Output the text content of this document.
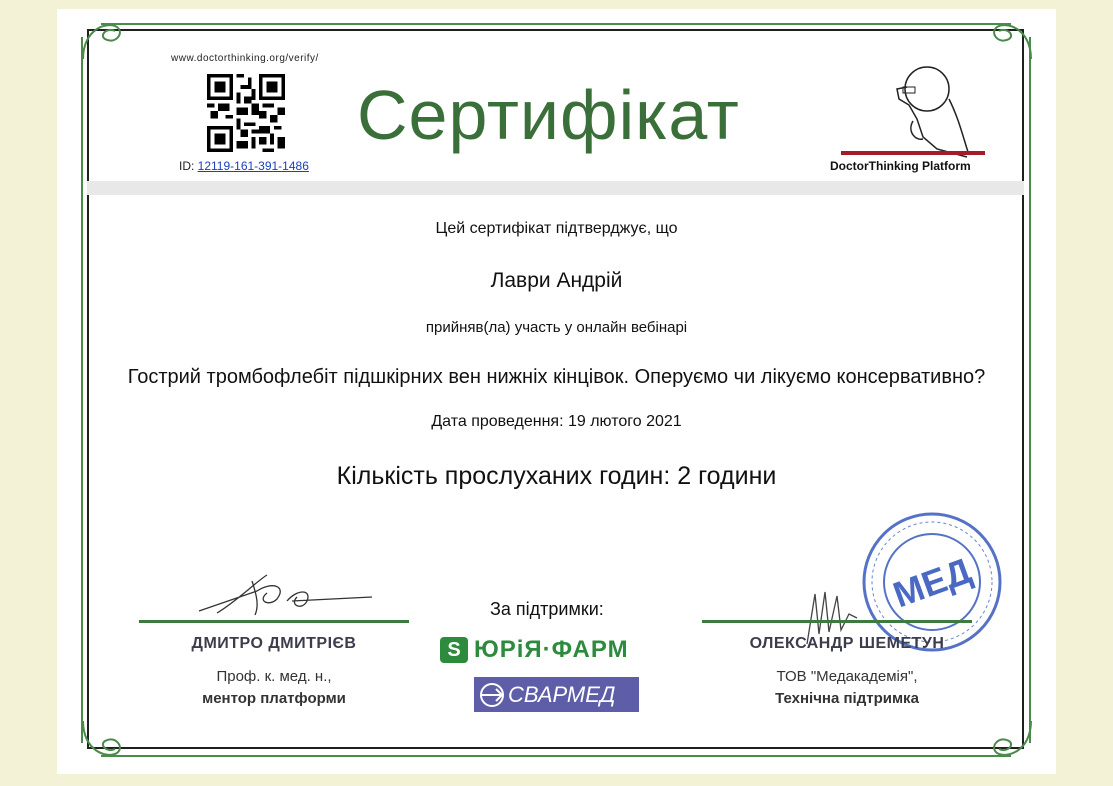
www.doctorthinking.org/verify/
ID: 12119-161-391-1486
Сертифікат
DoctorThinking Platform
Цей сертифікат підтверджує, що
Лаври Андрій
прийняв(ла) участь у онлайн вебінарі
Гострий тромбофлебіт підшкірних вен нижніх кінцівок. Оперуємо чи лікуємо консервативно?
Дата проведення: 19 лютого 2021
Кількість прослуханих годин: 2 години
ДМИТРО ДМИТРІЄВ
Проф. к. мед. н.,
ментор платформи
За підтримки:
Ѕ ЮРіЯ·ФАРМ
СВАРМЕД
МЕД
ОЛЕКСАНДР ШЕМЕТУН
ТОВ "Медакадемія",
Технічна підтримка
